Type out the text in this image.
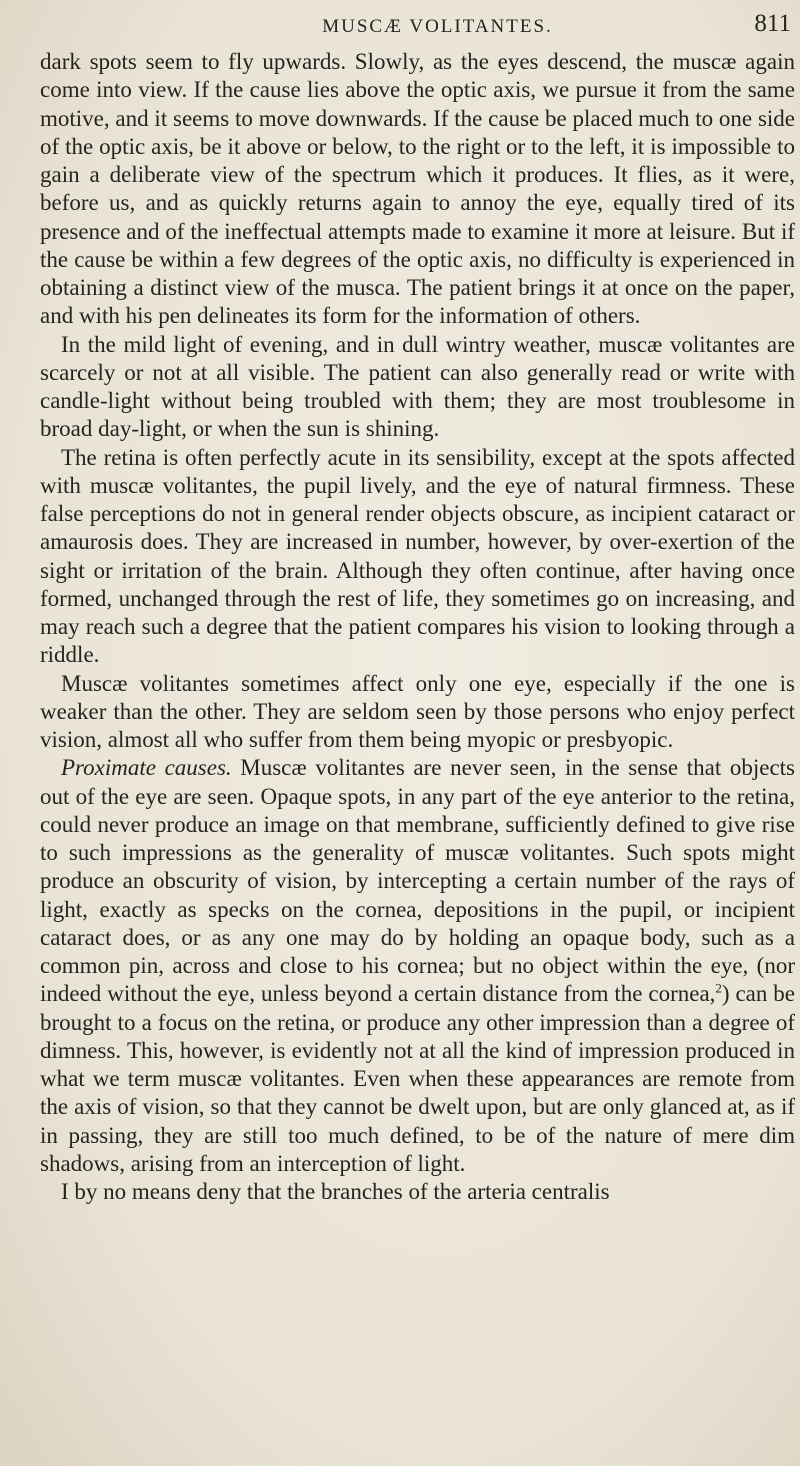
MUSCÆ VOLITANTES.	811

dark spots seem to fly upwards. Slowly, as the eyes descend, the muscæ again come into view. If the cause lies above the optic axis, we pursue it from the same motive, and it seems to move downwards. If the cause be placed much to one side of the optic axis, be it above or below, to the right or to the left, it is impossible to gain a deliberate view of the spectrum which it produces. It flies, as it were, before us, and as quickly returns again to annoy the eye, equally tired of its presence and of the ineffectual attempts made to examine it more at leisure. But if the cause be within a few degrees of the optic axis, no difficulty is experienced in obtaining a distinct view of the musca. The patient brings it at once on the paper, and with his pen delineates its form for the information of others.

In the mild light of evening, and in dull wintry weather, muscæ volitantes are scarcely or not at all visible. The patient can also generally read or write with candle-light without being troubled with them; they are most troublesome in broad day-light, or when the sun is shining.

The retina is often perfectly acute in its sensibility, except at the spots affected with muscæ volitantes, the pupil lively, and the eye of natural firmness. These false perceptions do not in general render objects obscure, as incipient cataract or amaurosis does. They are increased in number, however, by over-exertion of the sight or irritation of the brain. Although they often continue, after having once formed, unchanged through the rest of life, they sometimes go on increasing, and may reach such a degree that the patient compares his vision to looking through a riddle.

Muscæ volitantes sometimes affect only one eye, especially if the one is weaker than the other. They are seldom seen by those persons who enjoy perfect vision, almost all who suffer from them being myopic or presbyopic.

Proximate causes. Muscæ volitantes are never seen, in the sense that objects out of the eye are seen. Opaque spots, in any part of the eye anterior to the retina, could never produce an image on that membrane, sufficiently defined to give rise to such impressions as the generality of muscæ volitantes. Such spots might produce an obscurity of vision, by intercepting a certain number of the rays of light, exactly as specks on the cornea, depositions in the pupil, or incipient cataract does, or as any one may do by holding an opaque body, such as a common pin, across and close to his cornea; but no object within the eye, (nor indeed without the eye, unless beyond a certain distance from the cornea,$^2$) can be brought to a focus on the retina, or produce any other impression than a degree of dimness. This, however, is evidently not at all the kind of impression produced in what we term muscæ volitantes. Even when these appearances are remote from the axis of vision, so that they cannot be dwelt upon, but are only glanced at, as if in passing, they are still too much defined, to be of the nature of mere dim shadows, arising from an interception of light.

I by no means deny that the branches of the arteria centralis
